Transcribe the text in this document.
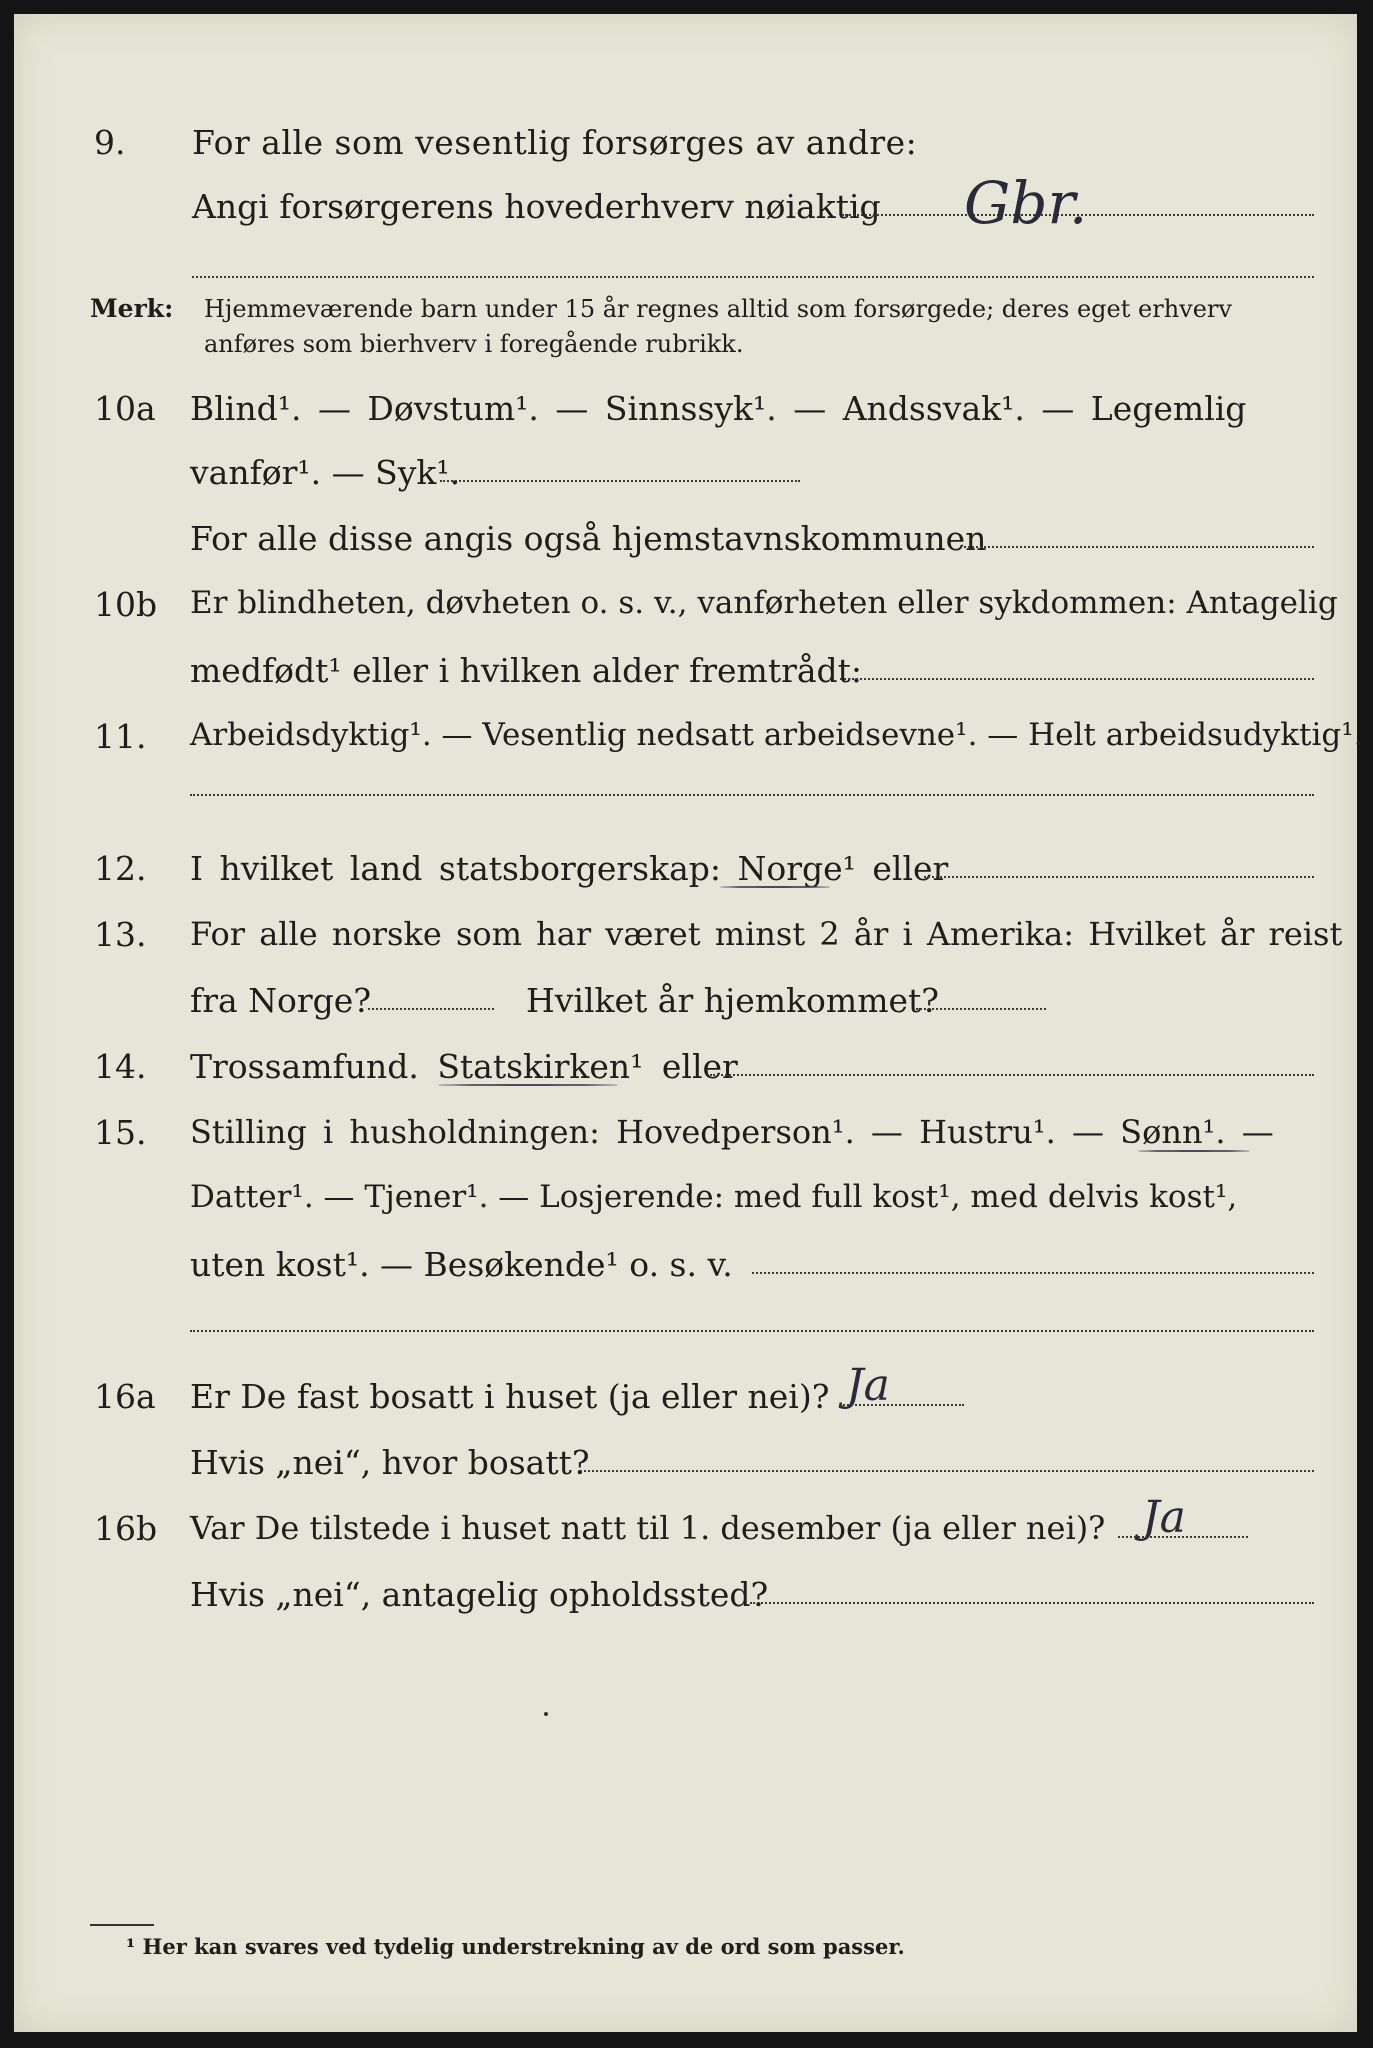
9. For alle som vesentlig forsørges av andre:
Angi forsørgerens hovederhverv nøiaktig Gbr.
Merk: Hjemmeværende barn under 15 år regnes alltid som forsørgede; deres eget erhverv anføres som bierhverv i foregående rubrikk.
10a Blind¹. — Døvstum¹. — Sinnssyk¹. — Andssvak¹. — Legemlig
vanfør¹. — Syk¹.
For alle disse angis også hjemstavnskommunen
10b Er blindheten, døvheten o. s. v., vanførheten eller sykdommen: Antagelig
medfødt¹ eller i hvilken alder fremtrådt:
11. Arbeidsdyktig¹. — Vesentlig nedsatt arbeidsevne¹. — Helt arbeidsudyktig¹.
12. I hvilket land statsborgerskap: Norge¹ eller
13. For alle norske som har været minst 2 år i Amerika: Hvilket år reist
fra Norge?	Hvilket år hjemkommet?
14. Trossamfund. Statskirken¹ eller
15. Stilling i husholdningen: Hovedperson¹. — Hustru¹. — Sønn¹. —
Datter¹. — Tjener¹. — Losjerende: med full kost¹, med delvis kost¹,
uten kost¹. — Besøkende¹ o. s. v.
16a Er De fast bosatt i huset (ja eller nei)? Ja
Hvis „nei“, hvor bosatt?
16b Var De tilstede i huset natt til 1. desember (ja eller nei)? Ja
Hvis „nei“, antagelig opholdssted?
¹ Her kan svares ved tydelig understrekning av de ord som passer.
